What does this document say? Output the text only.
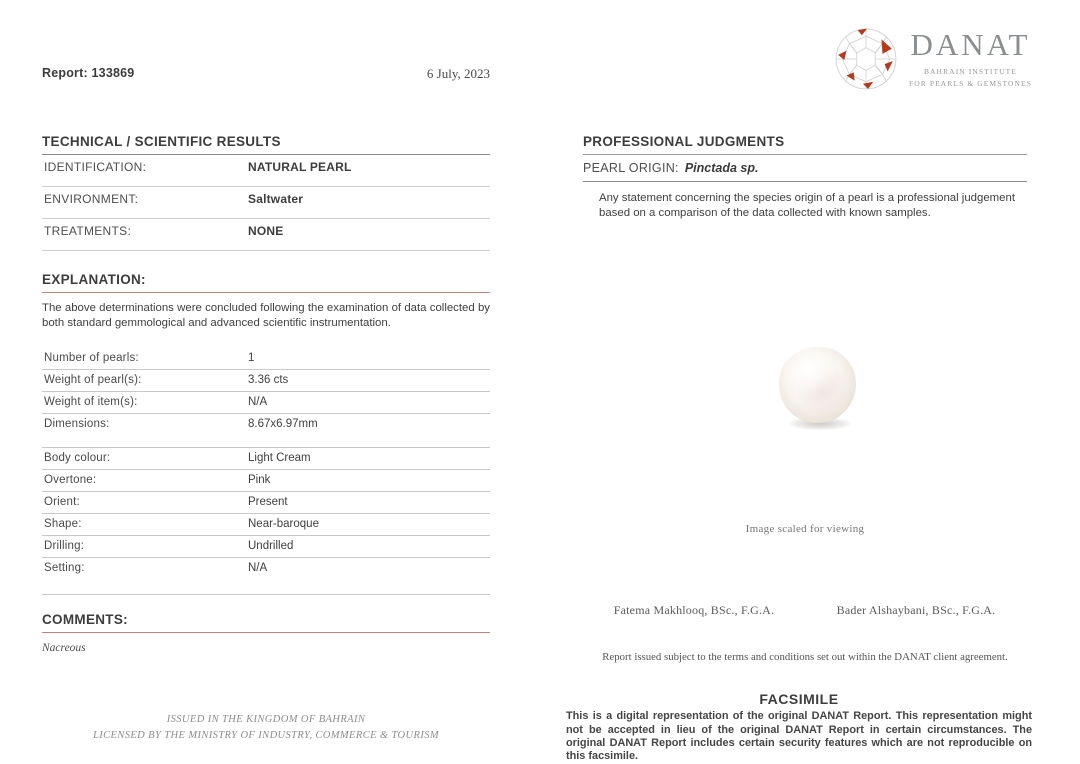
Report: 133869	6 July, 2023
DANAT
BAHRAIN INSTITUTE
FOR PEARLS & GEMSTONES
TECHNICAL / SCIENTIFIC RESULTS
IDENTIFICATION:	NATURAL PEARL
ENVIRONMENT:	Saltwater
TREATMENTS:	NONE
EXPLANATION:

The above determinations were concluded following the examination of data collected by both standard gemmological and advanced scientific instrumentation.

Number of pearls:	1
Weight of pearl(s):	3.36 cts
Weight of item(s):	N/A
Dimensions:	8.67x6.97mm
Body colour:	Light Cream
Overtone:	Pink
Orient:	Present
Shape:	Near-baroque
Drilling:	Undrilled
Setting:	N/A
COMMENTS:
Nacreous
PROFESSIONAL JUDGMENTS
PEARL ORIGIN: Pinctada sp.

Any statement concerning the species origin of a pearl is a professional judgement based on a comparison of the data collected with known samples.

Image scaled for viewing
Fatema Makhlooq, BSc., F.G.A.	Bader Alshaybani, BSc., F.G.A.
Report issued subject to the terms and conditions set out within the DANAT client agreement.
FACSIMILE

This is a digital representation of the original DANAT Report. This representation might not be accepted in lieu of the original DANAT Report in certain circumstances. The original DANAT Report includes certain security features which are not reproducible on this facsimile.

ISSUED IN THE KINGDOM OF BAHRAIN
LICENSED BY THE MINISTRY OF INDUSTRY, COMMERCE & TOURISM
